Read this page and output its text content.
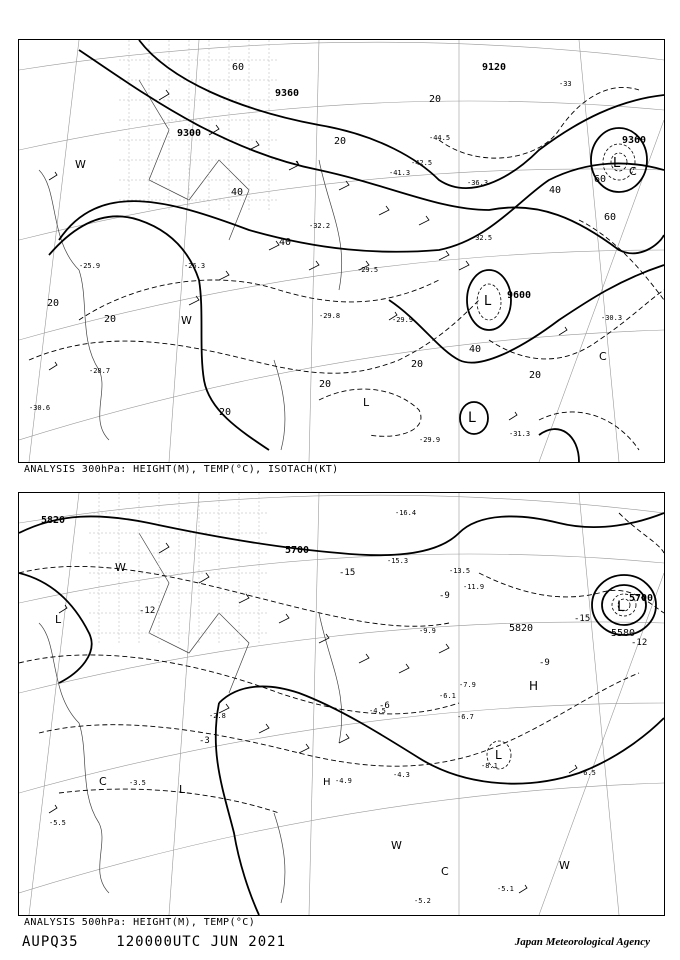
9360
9300
9120
9360
9600
60
40
20
20
20
20
20
20
40
40
60
60
40
20
20
-33
-41.3
-44.5
-42.5
-36.3
-32.5
-29.5
-29.9
-28.7
-30.3
-26.3
-25.9
-32.2
-29.8
-31.3
-30.6
-29.9
L
L
L
L
C
C
W
W
ANALYSIS 300hPa: HEIGHT(M), TEMP(°C), ISOTACH(KT)
5820
5700
5820
5700
5580
-15
-12
-9
-6
-3
-9
-15
-12
-16.4
-13.5
-15.3
-11.9
-9.9
-6.1
-4.5
-8.1
-5.2
-5.1
-3.5
-2.8
-4.3
-4.9
-6.7
-6.5
-7.9
-5.5
L
L
L
L
H
H
C
C
W
W
W
ANALYSIS 500hPa: HEIGHT(M), TEMP(°C)
AUPQ35	120000UTC JUN 2021	Japan Meteorological Agency
